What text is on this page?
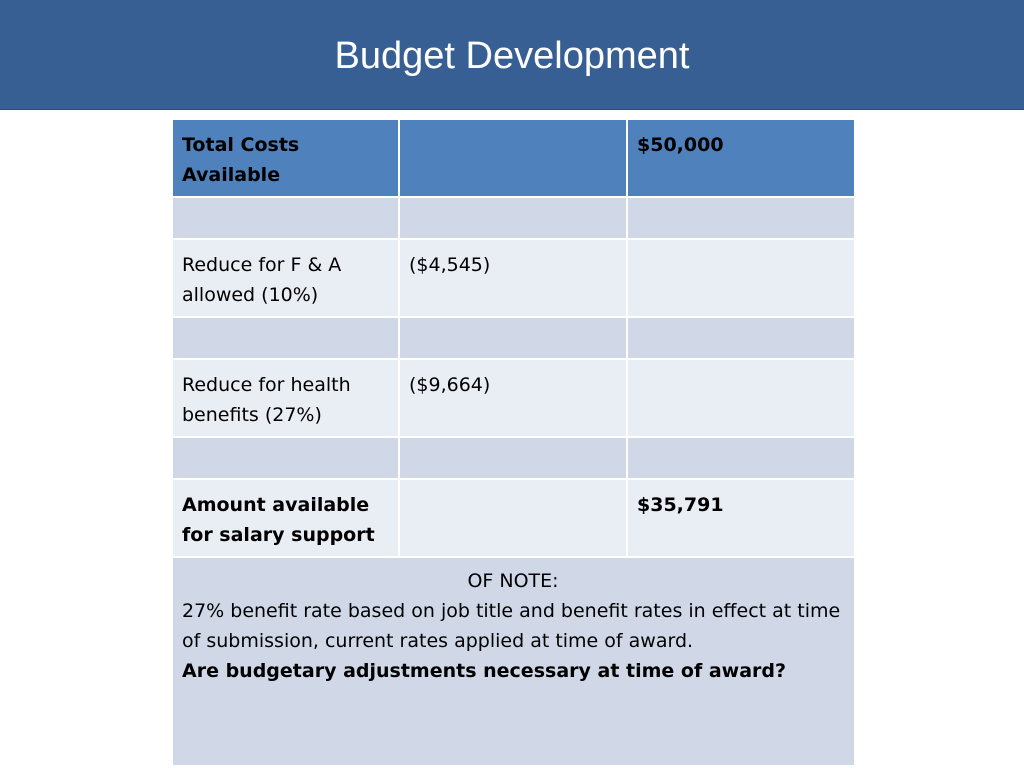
Budget Development
Total Costs
Available		$50,000

Reduce for F & A
allowed (10%)	($4,545)	

Reduce for health
benefits (27%)	($9,664)	

Amount available
for salary support		$35,791

OF NOTE:
27% benefit rate based on job title and benefit rates in effect at time of submission, current rates applied at time of award.
Are budgetary adjustments necessary at time of award?		
